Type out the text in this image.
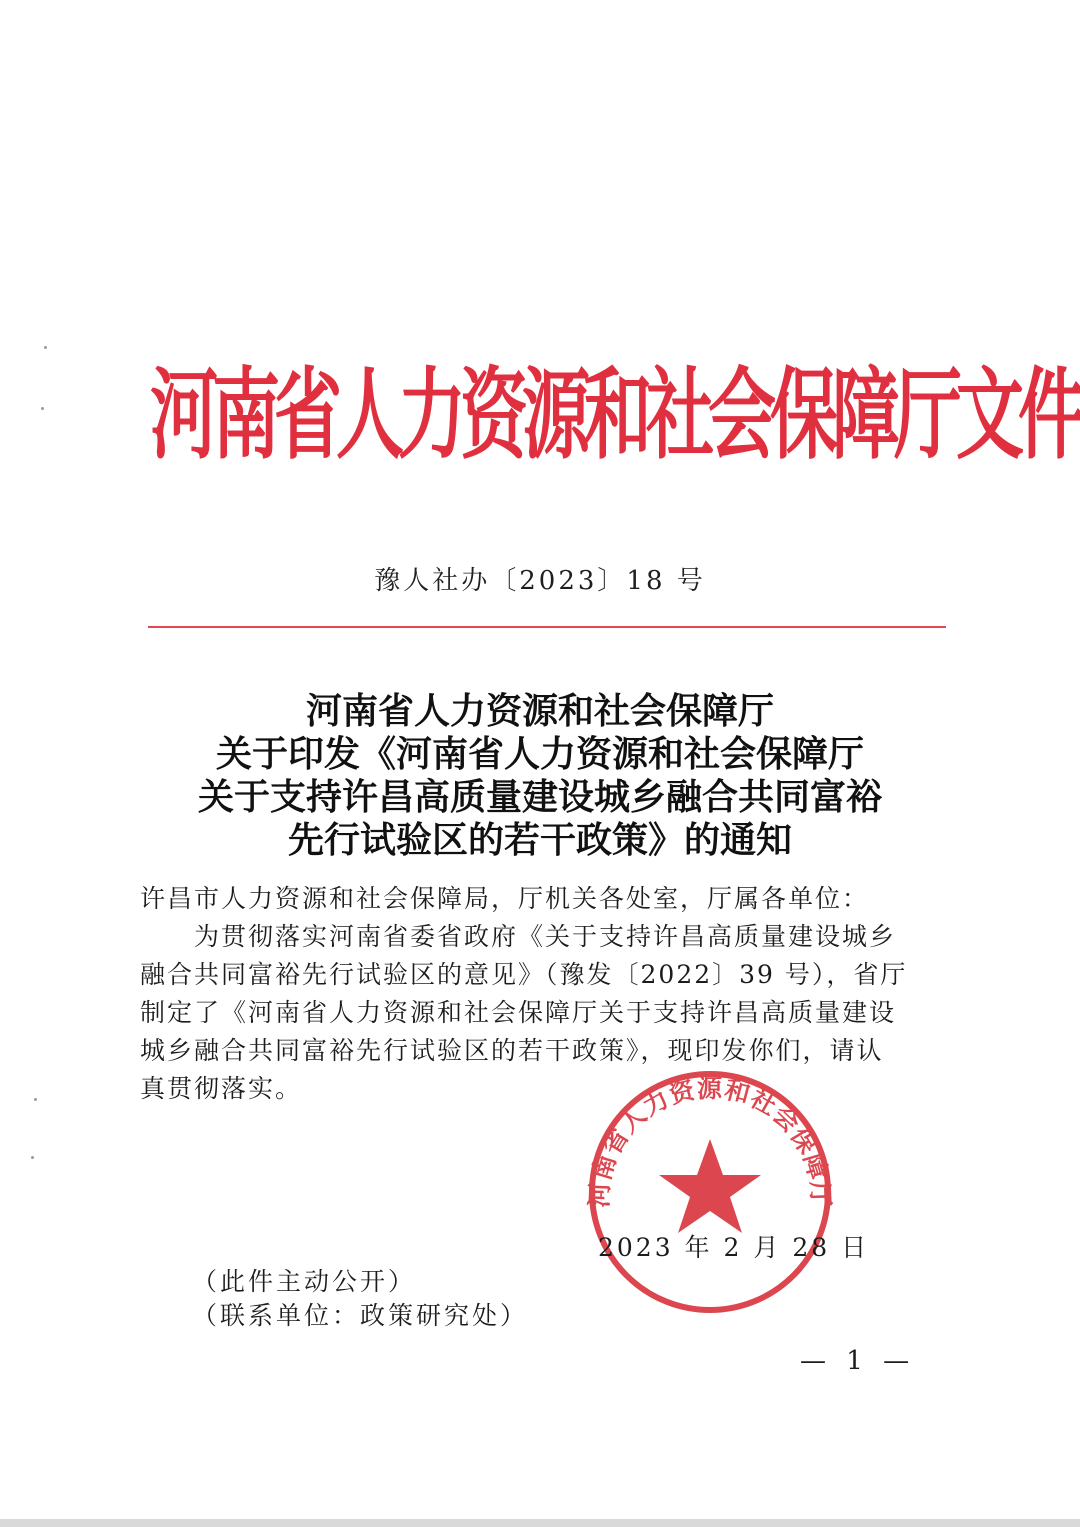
河南省人力资源和社会保障厅文件
豫人社办〔2023〕18 号
河南省人力资源和社会保障厅
关于印发《河南省人力资源和社会保障厅
关于支持许昌高质量建设城乡融合共同富裕
先行试验区的若干政策》的通知
许昌市人力资源和社会保障局，厅机关各处室，厅属各单位：
　　为贯彻落实河南省委省政府《关于支持许昌高质量建设城乡
融合共同富裕先行试验区的意见》（豫发〔2022〕39 号），省厅
制定了《河南省人力资源和社会保障厅关于支持许昌高质量建设
城乡融合共同富裕先行试验区的若干政策》，现印发你们，请认
真贯彻落实。
河南省人力资源和社会保障厅
2023 年 2 月 28 日
（此件主动公开）
（联系单位：政策研究处）
— 1 —
